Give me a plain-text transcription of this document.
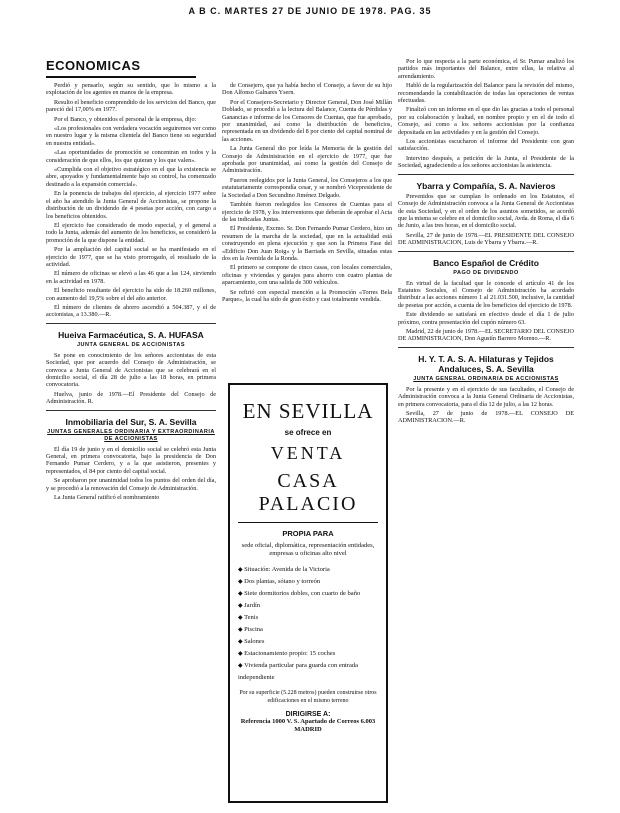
A B C. MARTES 27 DE JUNIO DE 1978. PAG. 35
ECONOMICAS

Perdió y pensarlo, según su sentido, que lo mismo a la explotación de los agentes en manos de la empresa.

Resulto el beneficio comprendido de los servicios del Banco, que pareció del 17,00% en 1977.

Por el Banco, y obtenidos el personal de la empresa, dijo:

«Los profesionales con verdadera vocación seguiremos ver como en nuestro lugar y la misma clientela del Banco tiene su seguridad en nuestra entidad».

«Las oportunidades de promoción se concentran en todos y la consideración de que ellos, los que quieran y los que valen».

«Cumplida con el objetivo estratégico en el que la existencia se abre, apoyados y fundamentalmente bajo su control, ha comenzado destinado a la expansión comercial».

En la ponencia de trabajos del ejercicio, al ejercicio 1977 sobre el año ha atendido la Junta General de Accionistas, se propone la distribución de un dividendo de 4 pesetas por acción, con cargo a los beneficios obtenidos.

El ejercicio fue considerado de modo especial, y el general a todo la Junta, además del aumento de los beneficios, se consideró la promoción de la que dispone la entidad.

Por la ampliación del capital social se ha manifestado en el ejercicio de 1977, que se ha visto prorrogado, el resultado de la actividad.

El número de oficinas se elevó a las 46 que a las 124, sirviendo en la actividad en 1978.

El beneficio resultante del ejercicio ha sido de 18.260 millones, con aumento del 19,5% sobre el del año anterior.

El número de clientes de ahorro ascendió a 504.387, y el de accionistas, a 13.380.—R.

Hueiva Farmacéutica, S. A. HUFASA
JUNTA GENERAL DE ACCIONISTAS

Se pone en conocimiento de los señores accionistas de esta Sociedad, que por acuerdo del Consejo de Administración, se convoca a Junta General de Accionistas que se celebrará en el domicilio social, el día 28 de julio a las 18 horas, en primera convocatoria.

Huelva, junio de 1978.—El Presidente del Consejo de Administración. R.

Inmobiliaria del Sur, S. A. Sevilla
JUNTAS GENERALES ORDINARIA Y EXTRAORDINARIA DE ACCIONISTAS

El día 19 de junio y en el domicilio social se celebró esta Junta General, en primera convocatoria, bajo la presidencia de Don Fernando Pumar Cerdero, y a la que asistieron, presentes y representados, el 84 por ciento del capital social.

Se aprobaron por unanimidad todos los puntos del orden del día, y se procedió a la renovación del Consejo de Administración.

La Junta General ratificó el nombramiento

de Consejero, que ya había hecho el Consejo, a favor de su hijo Don Alfonso Galnares Ysern.

Por el Consejero-Secretario y Director General, Don José Millán Doblado, se procedió a la lectura del Balance, Cuenta de Pérdidas y Ganancias e informe de los Censores de Cuentas, que fue aprobado, por unanimidad, así como la distribución de beneficios, representada en un dividendo del 8 por ciento del capital nominal de las acciones.

La Junta General dio por leída la Memoria de la gestión del Consejo de Administración en el ejercicio de 1977, que fue aprobada por unanimidad, así como la gestión del Consejo de Administración.

Fueron reelegidos por la Junta General, los Consejeros a los que estatutariamente correspondía cesar, y se nombró Vicepresidente de la Sociedad a Don Secundino Jiménez Delgado.

También fueron reelegidos los Censores de Cuentas para el ejercicio de 1978, y los interventores que deberán de aprobar el Acta de las indicadas Juntas.

El Presidente, Excmo. Sr. Don Fernando Pumar Cerdero, hizo un resumen de la marcha de la sociedad, que en la actualidad está construyendo en plena ejecución y que son la Primera Fase del «Edificio Don Juan Roig» y la Barriada en Sevilla, situadas estas dos en la Avenida de la Ronda.

El primero se compone de cinco casas, con locales comerciales, oficinas y viviendas y garajes para ahorro con cuatro plantas de aparcamiento, con una salida de 300 vehículos.

Se refirió con especial mención a la Promoción «Torres Bela Parque», la cual ha sido de gran éxito y casi totalmente vendida.

EN SEVILLA
se ofrece en
VENTA
CASA PALACIO
PROPIA PARA
sede oficial, diplomática, representación entidades, empresas u oficinas alto nivel
◆ Situación: Avenida de la Victoria
◆ Dos plantas, sótano y torreón
◆ Siete dormitorios dobles, con cuarto de baño
◆ Jardín
◆ Tenis
◆ Piscina
◆ Salones
◆ Estacionamiento propio: 15 coches
◆ Vivienda particular para guarda con entrada independiente
Por su superficie (5.228 metros) pueden construirse otros edificaciones en el mismo terreno
DIRIGIRSE A:
Referencia 1000 V. S. Apartado de Correos 6.003 MADRID

Por lo que respecta a la parte económica, el Sr. Pumar analizó los partidos más importantes del Balance, entre ellas, la relativa al arrendamiento.

Habló de la regularización del Balance para la revisión del mismo, recomendando la contabilización de todas las operaciones de ventas efectuadas.

Finalizó con un informe en el que dio las gracias a todo el personal por su colaboración y lealtad, en nombre propio y en el de todo el Consejo, así como a los señores accionistas por la confianza depositada en las actividades y en la gestión del Consejo.

Los accionistas escucharon el informe del Presidente con gran satisfacción.

Intervino después, a petición de la Junta, el Presidente de la Sociedad, agradeciendo a los señores accionistas la asistencia.

Ybarra y Compañía, S. A. Navieros

Prevenidos que se cumplan lo ordenado en los Estatutos, el Consejo de Administración convoca a la Junta General de Accionistas de esta Sociedad, y en el orden de los asuntos sometidos, se acordó que la misma se celebre en el domicilio social, Avda. de Roma, el día 6 de Junio, a las tres horas, en el domicilio social.

Sevilla, 27 de junio de 1978.—EL PRESIDENTE DEL CONSEJO DE ADMINISTRACION, Luis de Ybarra y Ybarra.—R.

Banco Español de Crédito
PAGO DE DIVIDENDO

En virtud de la facultad que le concede el artículo 41 de los Estatutos Sociales, el Consejo de Administración ha acordado distribuir a las acciones número 1 al 21.031.500, inclusive, la cantidad de pesetas por acción, a cuenta de los beneficios del ejercicio de 1978.

Este dividendo se satisfará en efectivo desde el día 1 de julio próximo, contra presentación del cupón número 63.

Madrid, 22 de junio de 1978.—EL SECRETARIO DEL CONSEJO DE ADMINISTRACION, Don Agustín Barrero Moreno.—R.

H. Y. T. A. S. A. Hilaturas y Tejidos Andaluces, S. A. Sevilla
JUNTA GENERAL ORDINARIA DE ACCIONISTAS

Por la presente y en el ejercicio de sus facultades, el Consejo de Administración convoca a la Junta General Ordinaria de Accionistas, en primera convocatoria, para el día 12 de julio, a las 12 horas.

Sevilla, 27 de junio de 1978.—EL CONSEJO DE ADMINISTRACION.—R.
